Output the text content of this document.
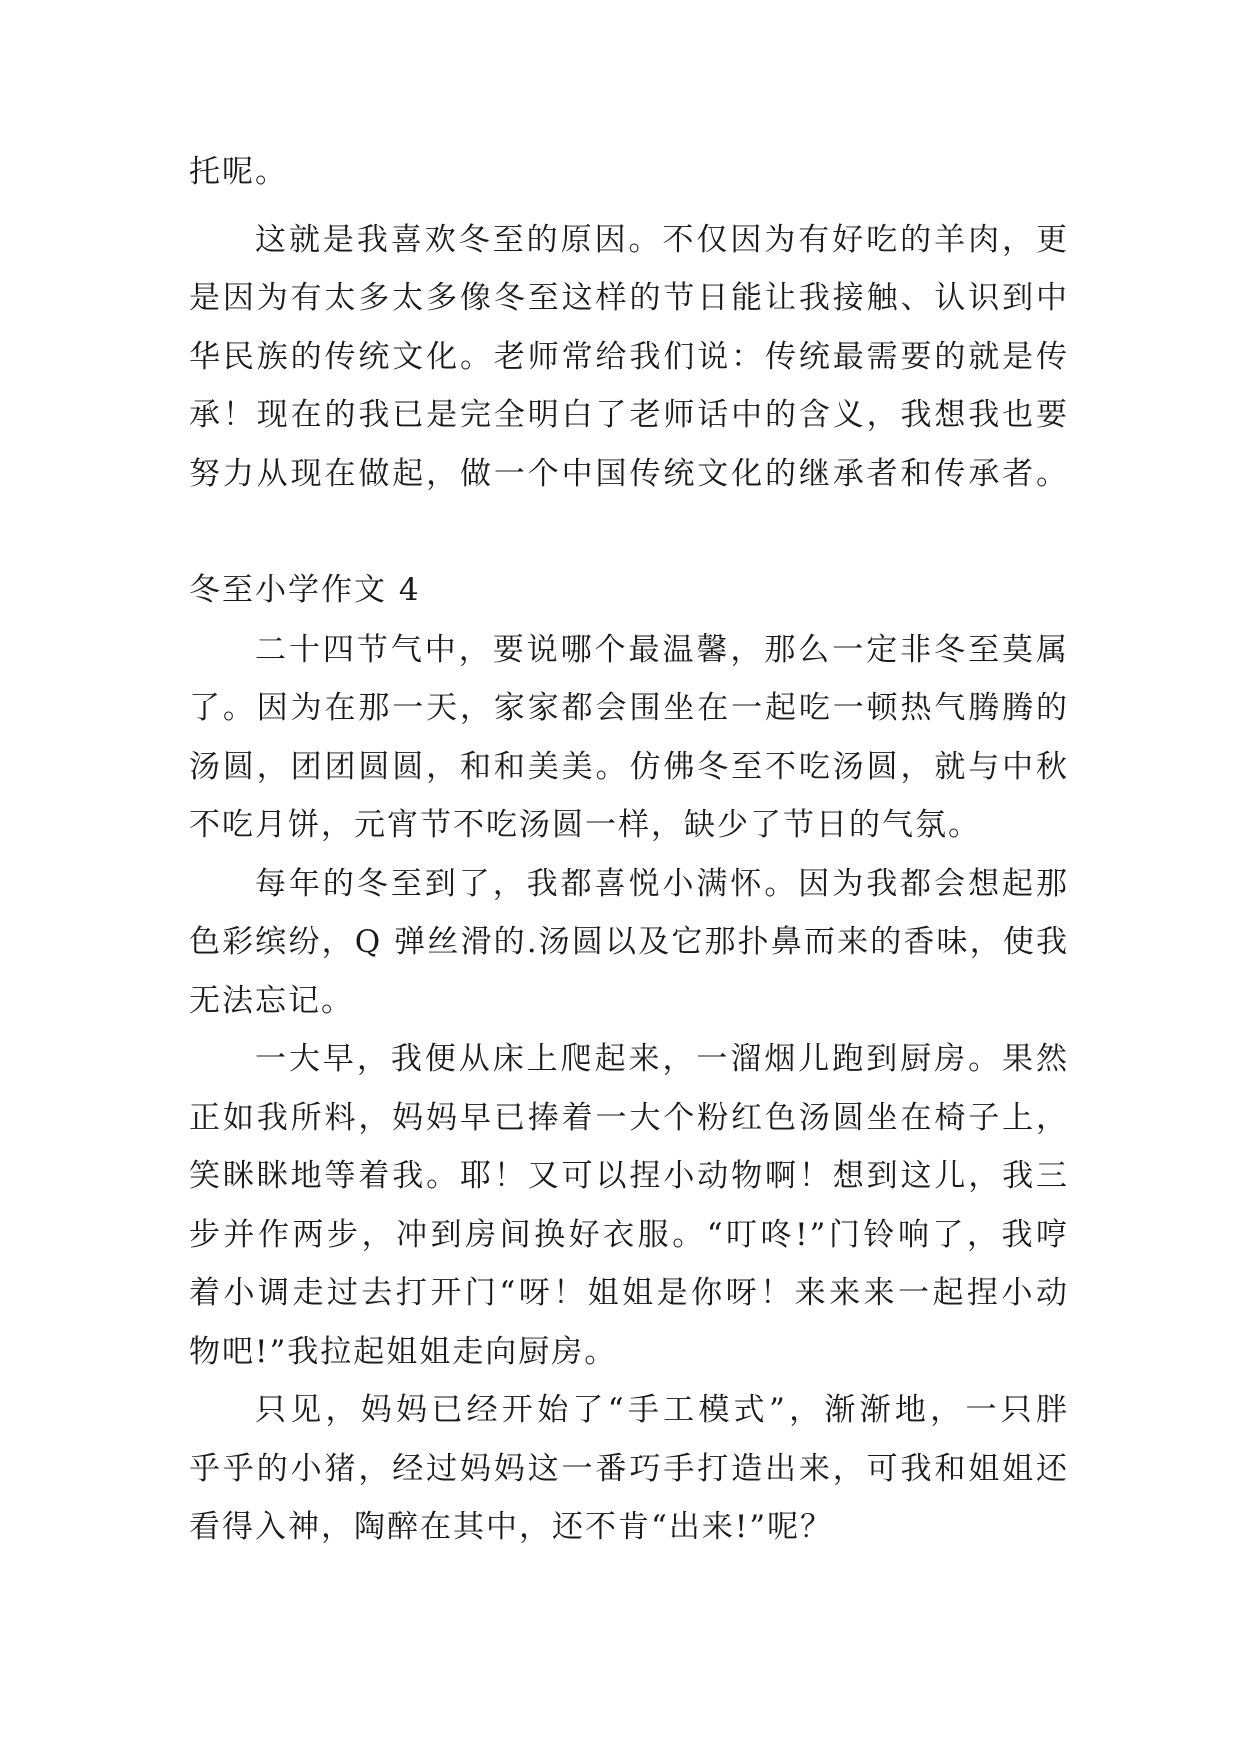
托呢。
这就是我喜欢冬至的原因。不仅因为有好吃的羊肉，更
是因为有太多太多像冬至这样的节日能让我接触、认识到中
华民族的传统文化。老师常给我们说：传统最需要的就是传
承！现在的我已是完全明白了老师话中的含义，我想我也要
努力从现在做起，做一个中国传统文化的继承者和传承者。
冬至小学作文 4
二十四节气中，要说哪个最温馨，那么一定非冬至莫属
了。因为在那一天，家家都会围坐在一起吃一顿热气腾腾的
汤圆，团团圆圆，和和美美。仿佛冬至不吃汤圆，就与中秋
不吃月饼，元宵节不吃汤圆一样，缺少了节日的气氛。
每年的冬至到了，我都喜悦小满怀。因为我都会想起那
色彩缤纷，Q 弹丝滑的.汤圆以及它那扑鼻而来的香味，使我
无法忘记。
一大早，我便从床上爬起来，一溜烟儿跑到厨房。果然
正如我所料，妈妈早已捧着一大个粉红色汤圆坐在椅子上，
笑眯眯地等着我。耶！又可以捏小动物啊！想到这儿，我三
步并作两步，冲到房间换好衣服。“叮咚!”门铃响了，我哼
着小调走过去打开门“呀！姐姐是你呀！来来来一起捏小动
物吧!”我拉起姐姐走向厨房。
只见，妈妈已经开始了“手工模式”，渐渐地，一只胖
乎乎的小猪，经过妈妈这一番巧手打造出来，可我和姐姐还
看得入神，陶醉在其中，还不肯“出来!”呢？
